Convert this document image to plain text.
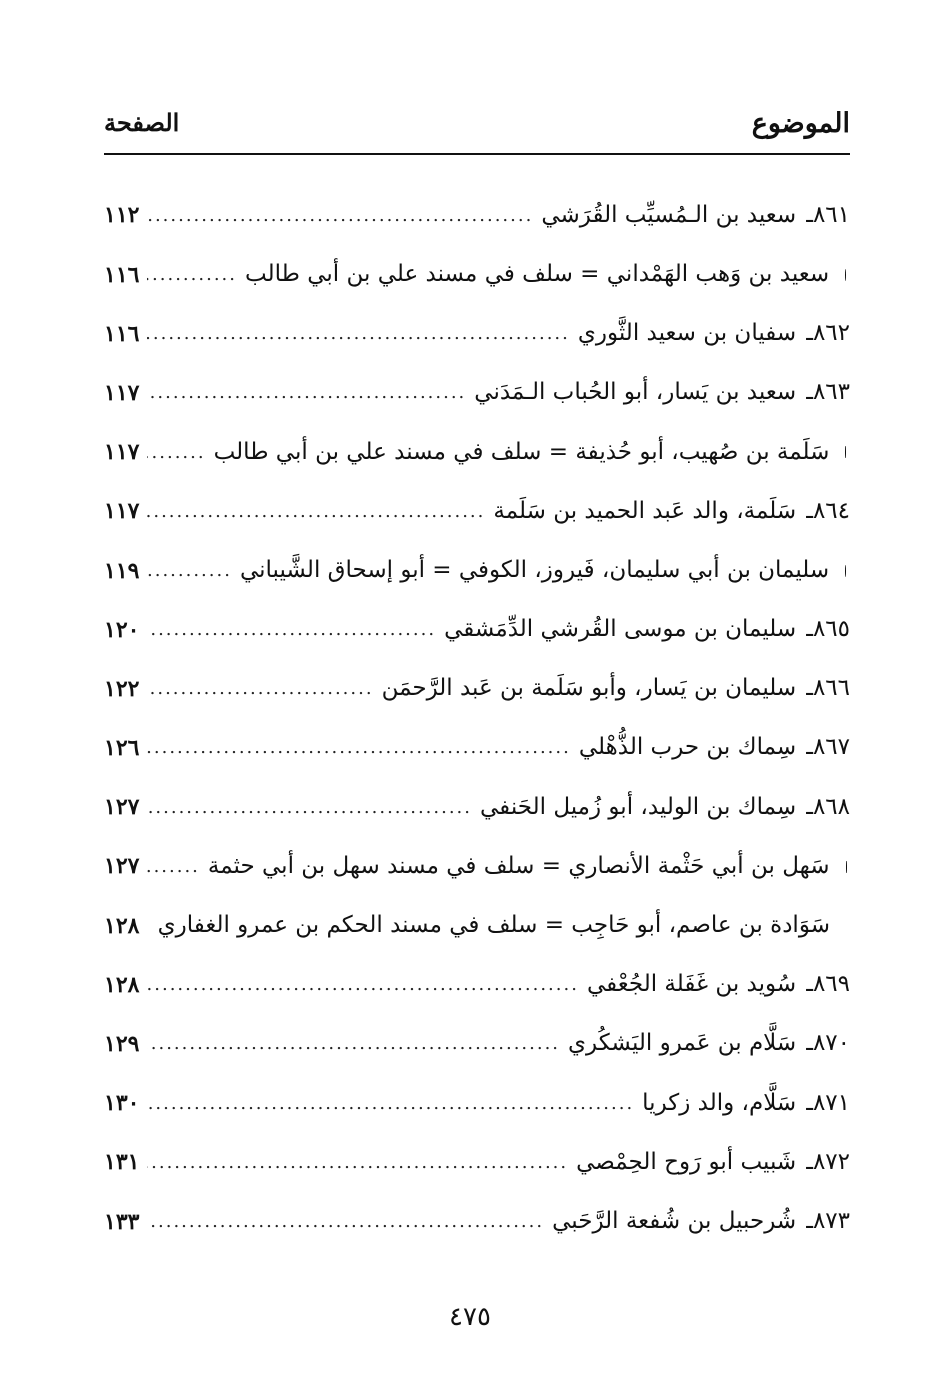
الموضوع
الصفحة
٨٦١ـ
سعيد بن الـمُسيِّب القُرَشي
.....
١١٢
سعيد بن وَهب الهَمْداني = سلف في مسند علي بن أبي طالب
.....
١١٦
٨٦٢ـ
سفيان بن سعيد الثَّوري
.....
١١٦
٨٦٣ـ
سعيد بن يَسار، أبو الحُباب الـمَدَني
.....
١١٧
سَلَمة بن صُهيب، أبو حُذيفة = سلف في مسند علي بن أبي طالب
.....
١١٧
٨٦٤ـ
سَلَمة، والد عَبد الحميد بن سَلَمة
.....
١١٧
سليمان بن أبي سليمان، فَيروز، الكوفي = أبو إسحاق الشَّيباني
.....
١١٩
٨٦٥ـ
سليمان بن موسى القُرشي الدِّمَشقي
.....
١٢٠
٨٦٦ـ
سليمان بن يَسار، وأبو سَلَمة بن عَبد الرَّحمَن
.....
١٢٢
٨٦٧ـ
سِماك بن حرب الذُّهْلي
.....
١٢٦
٨٦٨ـ
سِماك بن الوليد، أبو زُميل الحَنفي
.....
١٢٧
سَهل بن أبي حَثْمة الأنصاري = سلف في مسند سهل بن أبي حثمة
.....
١٢٧
سَوَادة بن عاصم، أبو حَاجِب = سلف في مسند الحكم بن عمرو الغفاري
.....
١٢٨
٨٦٩ـ
سُويد بن غَفَلة الجُعْفي
.....
١٢٨
٨٧٠ـ
سَلَّام بن عَمرو اليَشكُري
.....
١٢٩
٨٧١ـ
سَلَّام، والد زكريا
.....
١٣٠
٨٧٢ـ
شَبيب أبو رَوح الحِمْصي
.....
١٣١
٨٧٣ـ
شُرحبيل بن شُفعة الرَّحَبي
.....
١٣٣
٤٧٥
